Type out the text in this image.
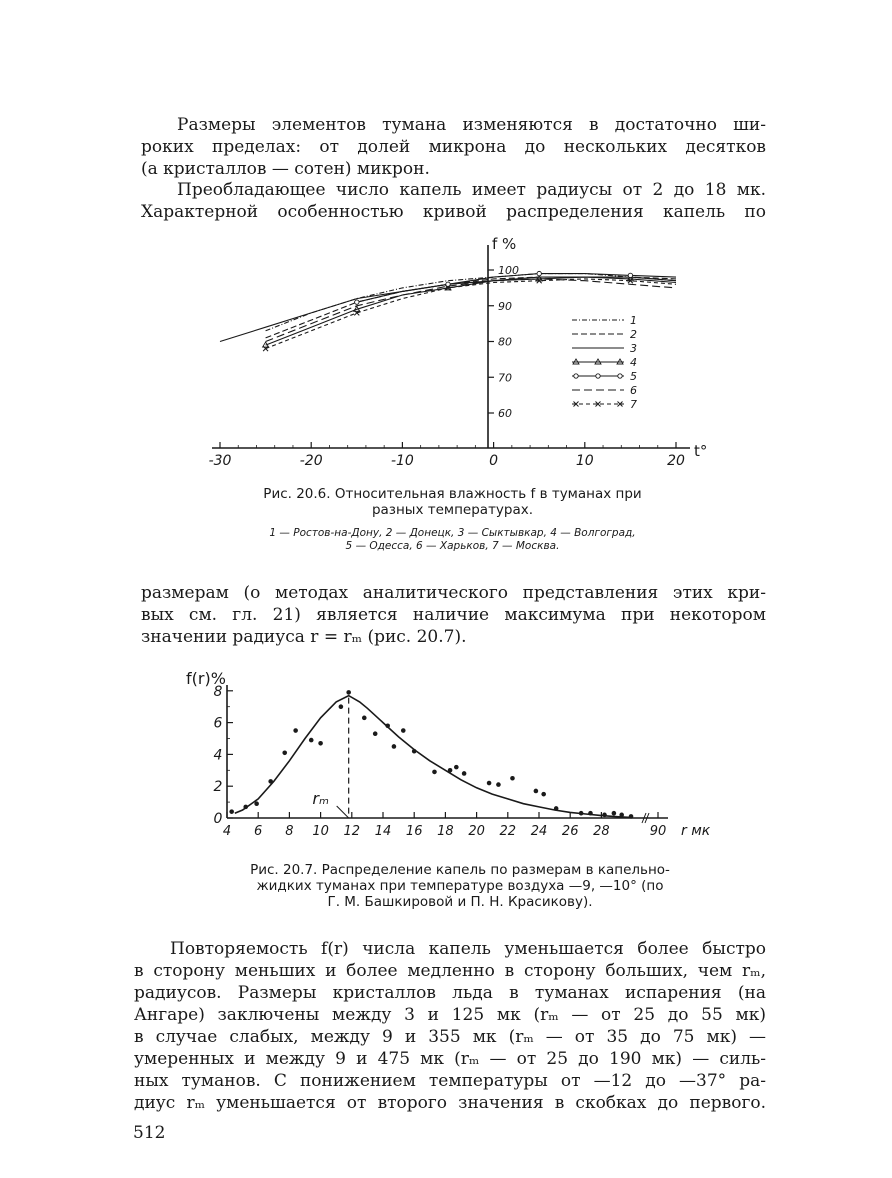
Размеры элементов тумана изменяются в достаточно ши-
роких пределах: от долей микрона до нескольких десятков
(а кристаллов — сотен) микрон.
Преобладающее число капель имеет радиусы от 2 до 18 мк.
Характерной особенностью кривой распределения капель по
-30	-20	-10	0	10	20
t°
100
90
80
70
60
f %
1
2
3
4
5
6
7
Рис. 20.6. Относительная влажность f в туманах при
разных температурах.
1 — Ростов-на-Дону, 2 — Донецк, 3 — Сыктывкар, 4 — Волгоград,
5 — Одесса, 6 — Харьков, 7 — Москва.
размерам (о методах аналитического представления этих кри-
вых см. гл. 21) является наличие максимума при некотором
значении радиуса r = rₘ (рис. 20.7).
0
2
4
6
8
f(r)%
4 6 8 10 12 14 16 18 20 22 24 26 28	90 r мк
rₘ
Рис. 20.7. Распределение капель по размерам в капельно-
жидких туманах при температуре воздуха —9, —10° (по
Г. М. Башкировой и П. Н. Красикову).
Повторяемость f(r) числа капель уменьшается более быстро
в сторону меньших и более медленно в сторону больших, чем rₘ,
радиусов. Размеры кристаллов льда в туманах испарения (на
Ангаре) заключены между 3 и 125 мк (rₘ — от 25 до 55 мк)
в случае слабых, между 9 и 355 мк (rₘ — от 35 до 75 мк) —
умеренных и между 9 и 475 мк (rₘ — от 25 до 190 мк) — силь-
ных туманов. С понижением температуры от —12 до —37° ра-
диус rₘ уменьшается от второго значения в скобках до первого.
512
